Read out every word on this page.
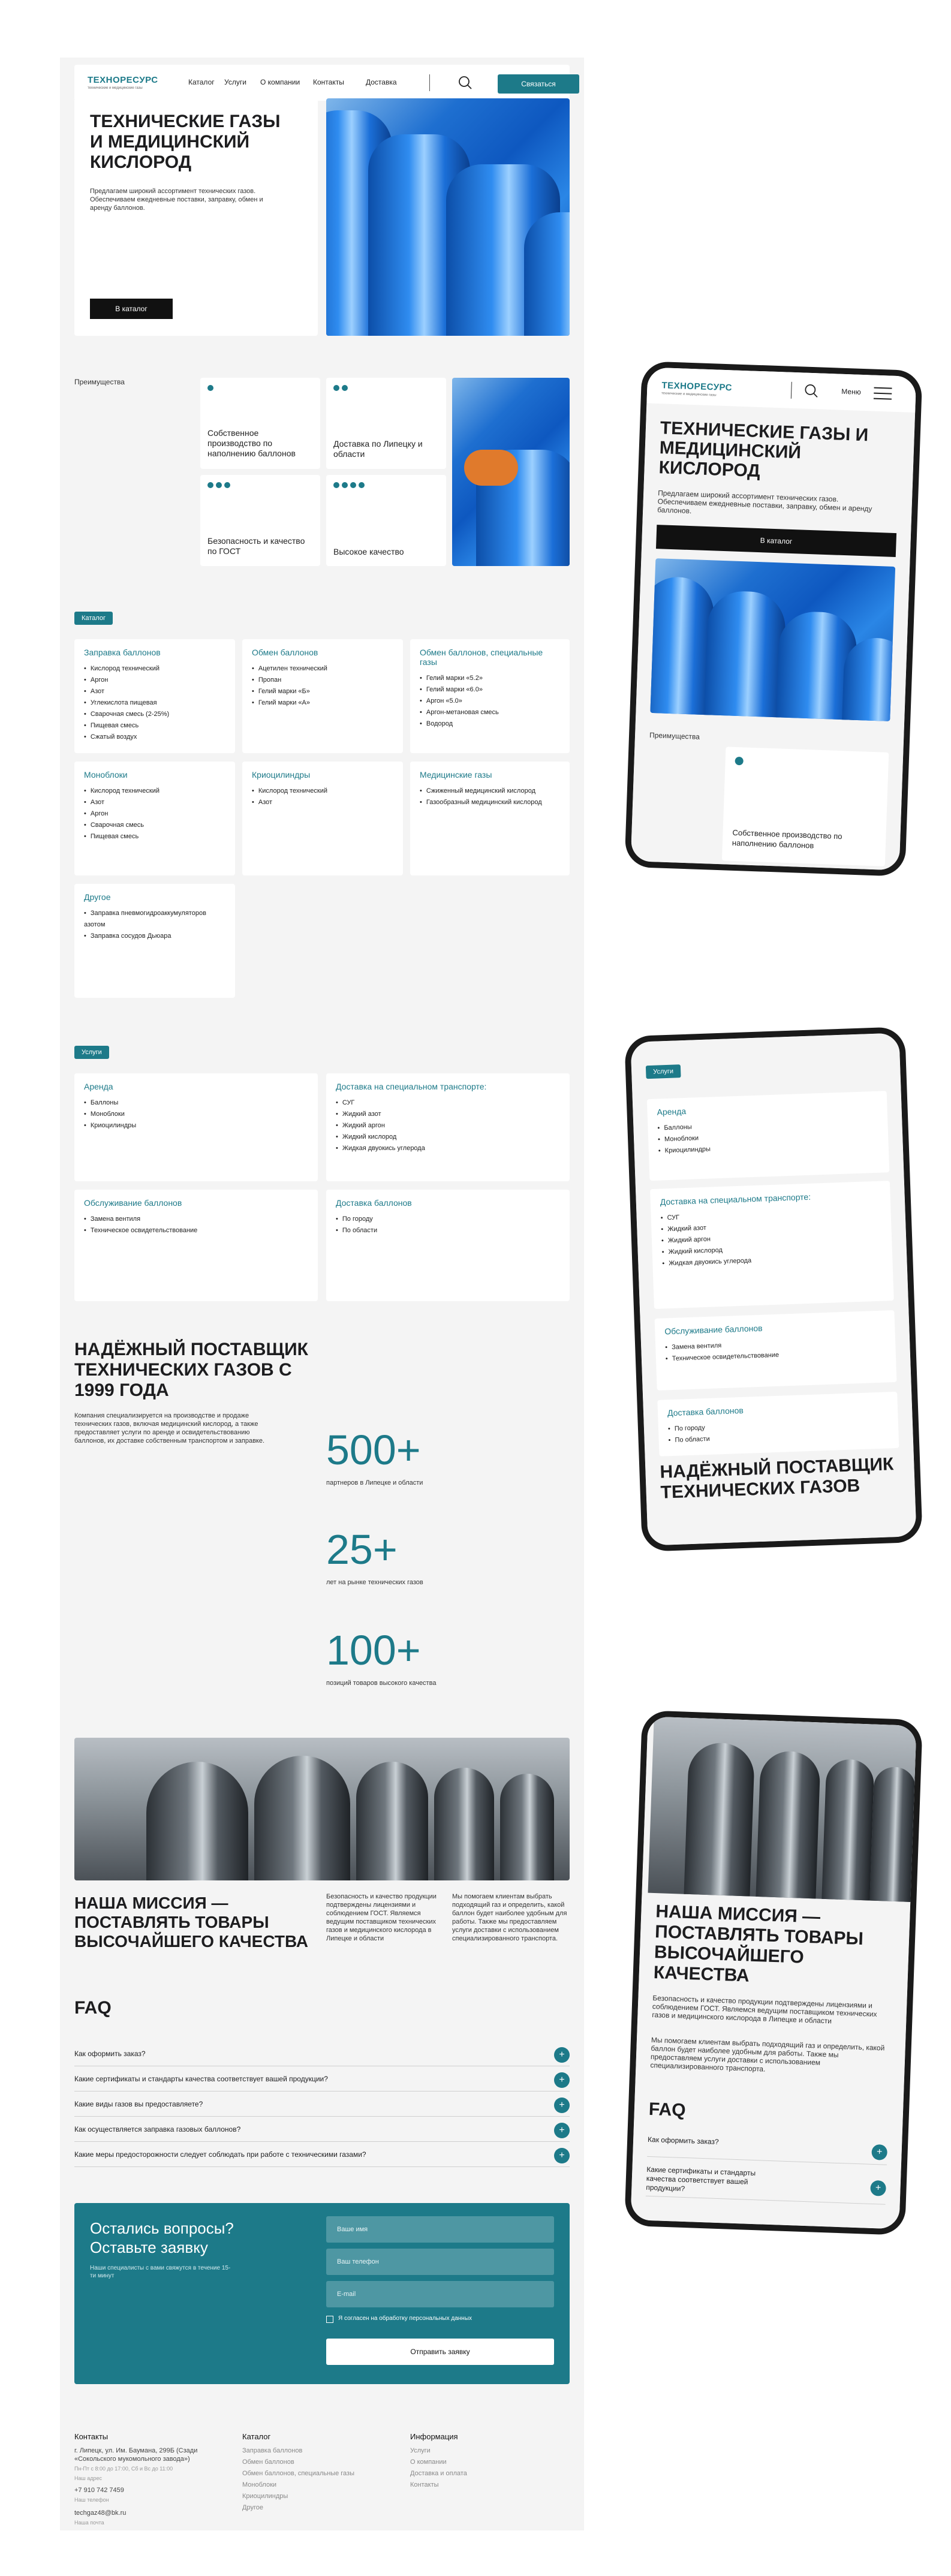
ТЕХНОРЕСУРС
технические и медицинские газы
Каталог Услуги О компании Контакты	Доставка	Связаться
ТЕХНИЧЕСКИЕ ГАЗЫ И МЕДИЦИНСКИЙ КИСЛОРОД

Предлагаем широкий ассортимент технических газов. Обеспечиваем ежедневные поставки, заправку, обмен и аренду баллонов.

В каталог
Преимущества

Собственное производство по наполнению баллонов

Доставка по Липецку и области

Безопасность и качество по ГОСТ	Высокое качество

Каталог
Услуги
НАДЁЖНЫЙ ПОСТАВЩИК ТЕХНИЧЕСКИХ ГАЗОВ С 1999 ГОДА

Компания специализируется на производстве и продаже технических газов, включая медицинский кислород, а также предоставляет услуги по аренде и освидетельствованию баллонов, их доставке собственным транспортом и заправке. 500+
партнеров в Липецке и области
25+
лет на рынке технических газов
100+
позиций товаров высокого качества
НАША МИССИЯ — ПОСТАВЛЯТЬ ТОВАРЫ ВЫСОЧАЙШЕГО КАЧЕСТВА

Безопасность и качество продукции подтверждены лицензиями и соблюдением ГОСТ. Являемся ведущим поставщиком технических газов и медицинского кислорода в Липецке и области

Мы помогаем клиентам выбрать подходящий газ и определить, какой баллон будет наиболее удобным для работы. Также мы предоставляем услуги доставки с использованием специализированного транспорта.

FAQ
Остались вопросы? Оставьте заявку

Наши специалисты с вами свяжутся в течение 15-ти минут

Ваше имя
Ваш телефон
E-mail
Я согласен на обработку персональных данных
Отправить заявку
Контакты
г. Липецк, ул. Им. Баумана, 299Б (Сзади «Сокольского мукомольного завода»)
Пн-Пт с 8:00 до 17:00, Сб и Вс до 11:00
Наш адрес
+7 910 742 7459
Наш телефон
techgaz48@bk.ru
Наша почта
Каталог
Заправка баллонов
Обмен баллонов
Обмен баллонов, специальные газы
Моноблоки
Криоцилиндры
Другое
Информация
Услуги
О компании
Доставка и оплата
Контакты
Заправка баллонов
• Кислород технический
• Аргон
• Азот
• Углекислота пищевая
• Сварочная смесь (2-25%)
• Пищевая смесь
• Сжатый воздух
Обмен баллонов
• Ацетилен технический
• Пропан
• Гелий марки «Б»
• Гелий марки «А»
Обмен баллонов, специальные газы
• Гелий марки «5.2»
• Гелий марки «6.0»
• Аргон «5.0»
• Аргон-метановая смесь
• Водород
Моноблоки
• Кислород технический
• Азот
• Аргон
• Сварочная смесь
• Пищевая смесь
Криоцилиндры
• Кислород технический
• Азот
Медицинские газы
• Сжиженный медицинский кислород
• Газообразный медицинский кислород
Другое
• Заправка пневмогидроаккумуляторов азотом
• Заправка сосудов Дьюара
Аренда
• Баллоны
• Моноблоки
• Криоцилиндры
Доставка на специальном транспорте:
• СУГ
• Жидкий азот
• Жидкий аргон
• Жидкий кислород
• Жидкая двуокись углерода
Обслуживание баллонов
• Замена вентиля
• Техническое освидетельствование
Доставка баллонов
• По городу
• По области
Как оформить заказ?	+
Какие сертификаты и стандарты качества соответствует вашей продукции?	+
Какие виды газов вы предоставляете?	+
Как осуществляется заправка газовых баллонов?	+
Какие меры предосторожности следует соблюдать при работе с техническими газами?	+
ТЕХНОРЕСУРС
технические и медицинские газы	Меню
ТЕХНИЧЕСКИЕ ГАЗЫ И МЕДИЦИНСКИЙ КИСЛОРОД

Предлагаем широкий ассортимент технических газов. Обеспечиваем ежедневные поставки, заправку, обмен и аренду баллонов.

В каталог
Преимущества

Собственное производство по наполнению баллонов

Услуги
НАДЁЖНЫЙ ПОСТАВЩИК ТЕХНИЧЕСКИХ ГАЗОВ
Аренда
• Баллоны
• Моноблоки
• Криоцилиндры
Доставка на специальном транспорте:
• СУГ
• Жидкий азот
• Жидкий аргон
• Жидкий кислород
• Жидкая двуокись углерода
Обслуживание баллонов
• Замена вентиля
• Техническое освидетельствование
Доставка баллонов
• По городу
• По области
НАША МИССИЯ — ПОСТАВЛЯТЬ ТОВАРЫ ВЫСОЧАЙШЕГО КАЧЕСТВА

Безопасность и качество продукции подтверждены лицензиями и соблюдением ГОСТ. Являемся ведущим поставщиком технических газов и медицинского кислорода в Липецке и области

Мы помогаем клиентам выбрать подходящий газ и определить, какой баллон будет наиболее удобным для работы. Также мы предоставляем услуги доставки с использованием специализированного транспорта.

FAQ
Как оформить заказ?
+
Какие сертификаты и стандарты качества соответствует вашей продукции?	+
